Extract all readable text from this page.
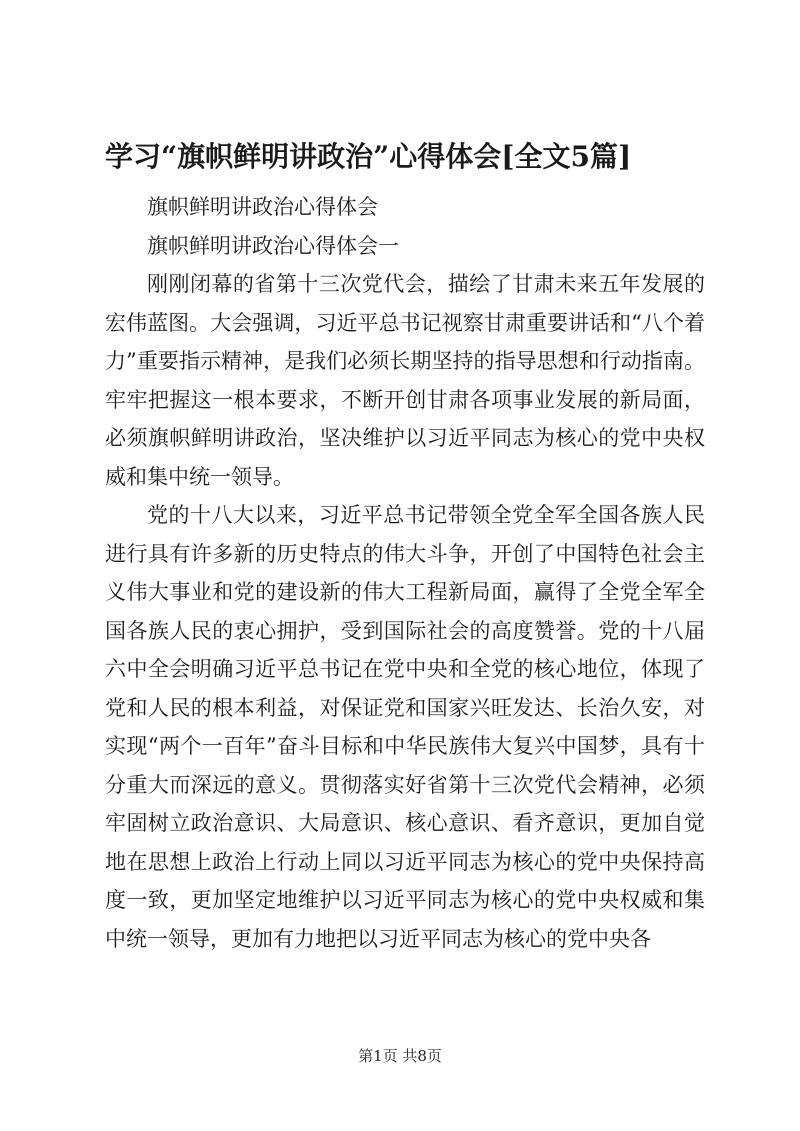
学习“旗帜鲜明讲政治”心得体会[全文5篇]

旗帜鲜明讲政治心得体会

旗帜鲜明讲政治心得体会一

刚刚闭幕的省第十三次党代会，描绘了甘肃未来五年发展的宏伟蓝图。大会强调，习近平总书记视察甘肃重要讲话和“八个着力”重要指示精神，是我们必须长期坚持的指导思想和行动指南。牢牢把握这一根本要求，不断开创甘肃各项事业发展的新局面，必须旗帜鲜明讲政治，坚决维护以习近平同志为核心的党中央权威和集中统一领导。

党的十八大以来，习近平总书记带领全党全军全国各族人民进行具有许多新的历史特点的伟大斗争，开创了中国特色社会主义伟大事业和党的建设新的伟大工程新局面，赢得了全党全军全国各族人民的衷心拥护，受到国际社会的高度赞誉。党的十八届六中全会明确习近平总书记在党中央和全党的核心地位，体现了党和人民的根本利益，对保证党和国家兴旺发达、长治久安，对实现“两个一百年”奋斗目标和中华民族伟大复兴中国梦，具有十分重大而深远的意义。贯彻落实好省第十三次党代会精神，必须牢固树立政治意识、大局意识、核心意识、看齐意识，更加自觉地在思想上政治上行动上同以习近平同志为核心的党中央保持高度一致，更加坚定地维护以习近平同志为核心的党中央权威和集中统一领导，更加有力地把以习近平同志为核心的党中央各

第1页 共8页
